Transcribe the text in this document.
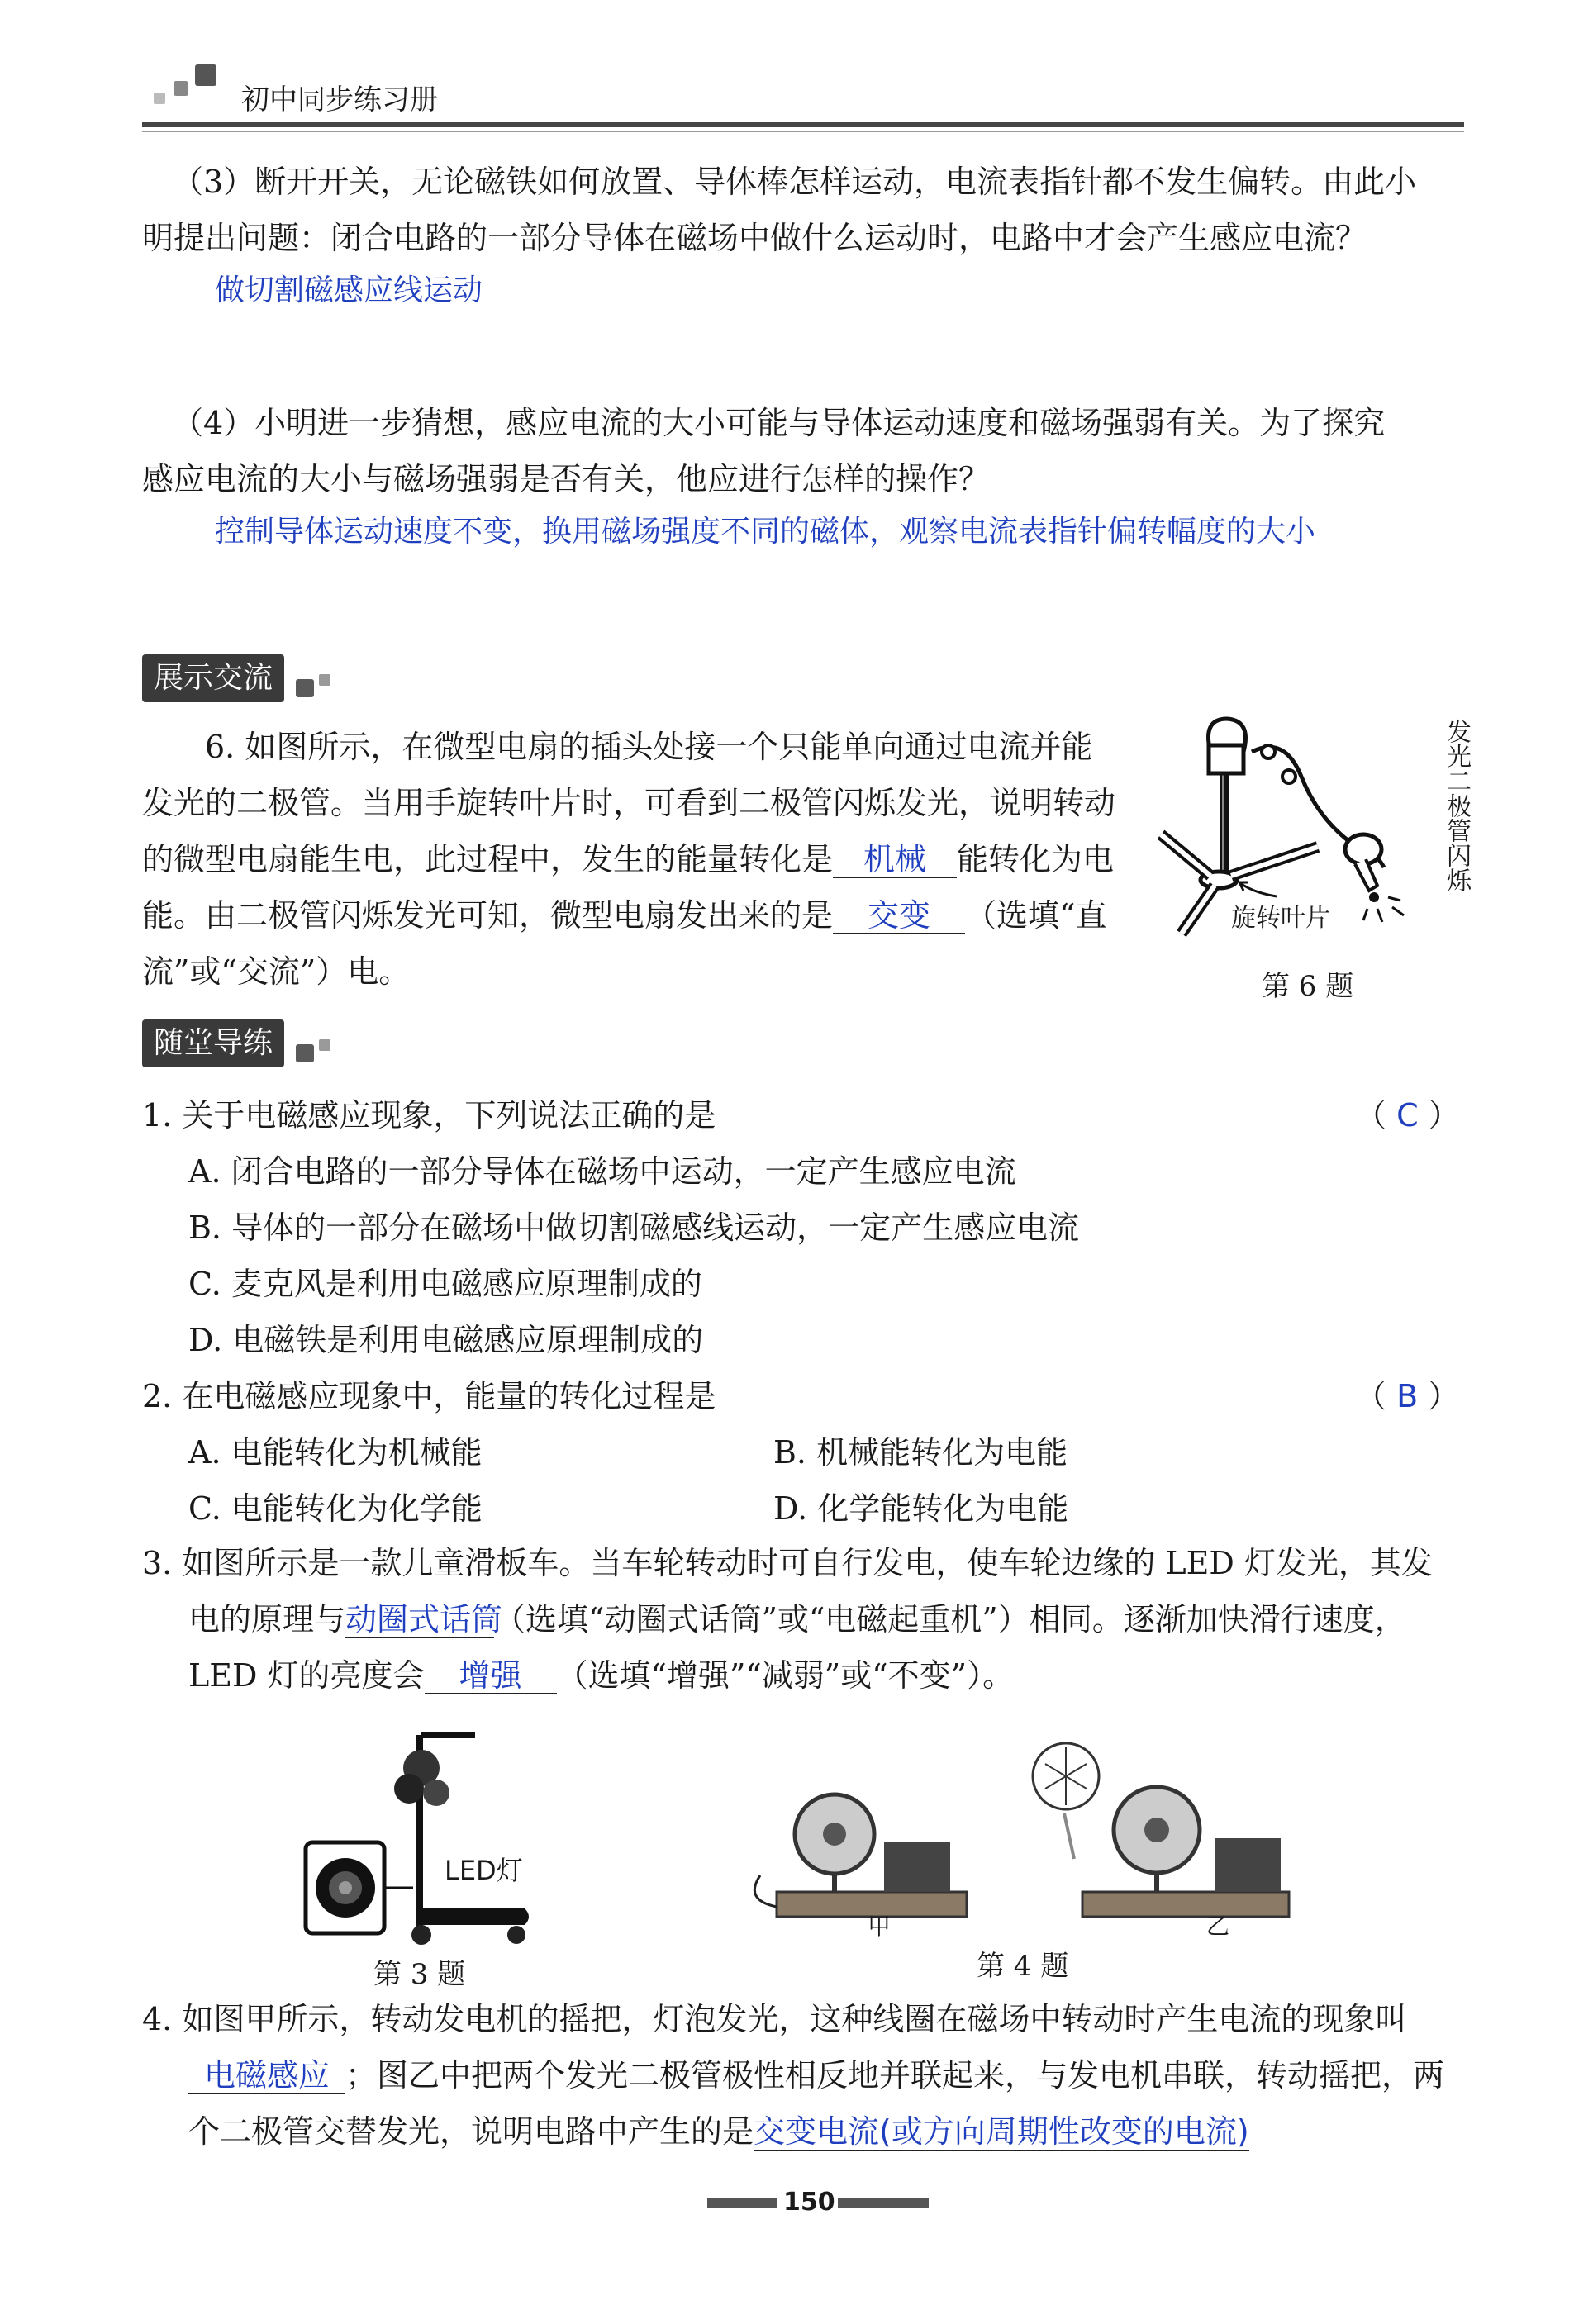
初中同步练习册
（3）断开开关，无论磁铁如何放置、导体棒怎样运动，电流表指针都不发生偏转。由此小
明提出问题：闭合电路的一部分导体在磁场中做什么运动时，电路中才会产生感应电流？
做切割磁感应线运动
（4）小明进一步猜想，感应电流的大小可能与导体运动速度和磁场强弱有关。为了探究
感应电流的大小与磁场强弱是否有关，他应进行怎样的操作？
控制导体运动速度不变，换用磁场强度不同的磁体，观察电流表指针偏转幅度的大小
展示交流
6. 如图所示，在微型电扇的插头处接一个只能单向通过电流并能
发光的二极管。当用手旋转叶片时，可看到二极管闪烁发光，说明转动
的微型电扇能生电，此过程中，发生的能量转化是 机械 能转化为电
能。由二极管闪烁发光可知，微型电扇发出来的是 交变 （选填“直
流”或“交流”）电。
发光二极管闪烁
旋转叶片
第 6 题
随堂导练
1. 关于电磁感应现象，下列说法正确的是	（ C ）
A. 闭合电路的一部分导体在磁场中运动，一定产生感应电流
B. 导体的一部分在磁场中做切割磁感线运动，一定产生感应电流
C. 麦克风是利用电磁感应原理制成的
D. 电磁铁是利用电磁感应原理制成的
2. 在电磁感应现象中，能量的转化过程是	（ B ）
A. 电能转化为机械能	B. 机械能转化为电能
C. 电能转化为化学能	D. 化学能转化为电能
3. 如图所示是一款儿童滑板车。当车轮转动时可自行发电，使车轮边缘的 LED 灯发光，其发
电的原理与动圈式话筒（选填“动圈式话筒”或“电磁起重机”）相同。逐渐加快滑行速度，
LED 灯的亮度会 增强 （选填“增强”“减弱”或“不变”）。
LED灯
第 3 题
甲	乙
第 4 题
4. 如图甲所示，转动发电机的摇把，灯泡发光，这种线圈在磁场中转动时产生电流的现象叫
电磁感应 ；图乙中把两个发光二极管极性相反地并联起来，与发电机串联，转动摇把，两
个二极管交替发光，说明电路中产生的是交变电流(或方向周期性改变的电流)
150
